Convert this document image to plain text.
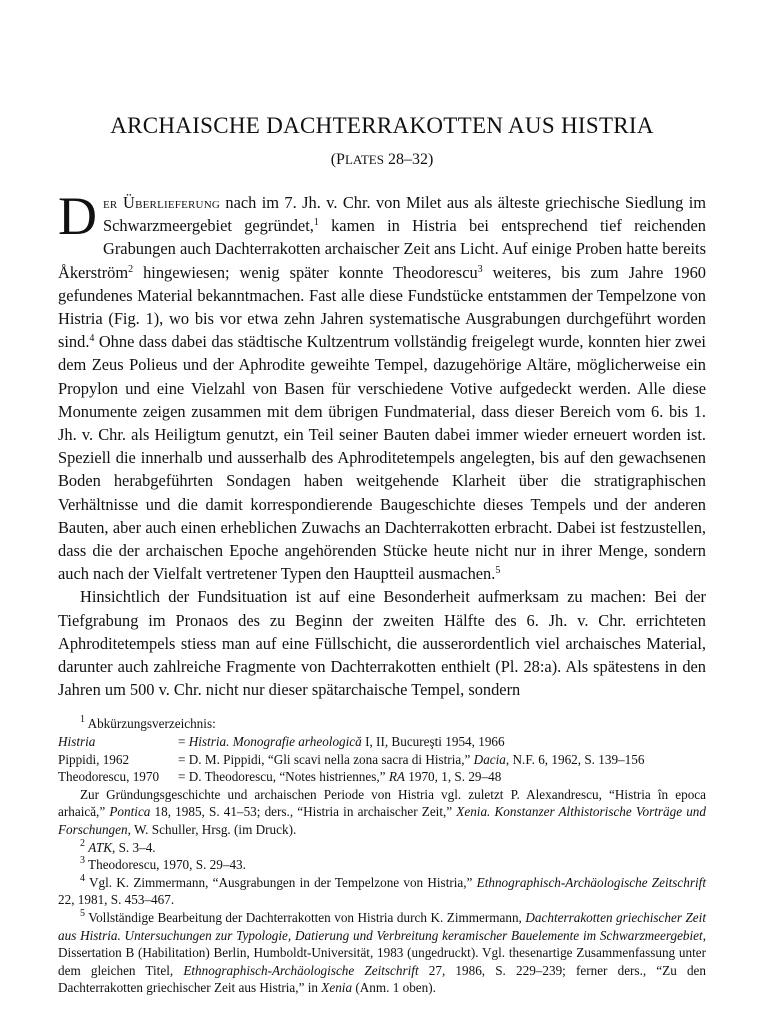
ARCHAISCHE DACHTERRAKOTTEN AUS HISTRIA
(PLATES 28–32)

Der Überlieferung nach im 7. Jh. v. Chr. von Milet aus als älteste griechische Siedlung im Schwarzmeergebiet gegründet,$^1$ kamen in Histria bei entsprechend tief reichenden Grabungen auch Dachterrakotten archaischer Zeit ans Licht. Auf einige Proben hatte bereits Åkerström$^2$ hingewiesen; wenig später konnte Theodorescu$^3$ weiteres, bis zum Jahre 1960 gefundenes Material bekanntmachen. Fast alle diese Fundstücke entstammen der Tempelzone von Histria (Fig. 1), wo bis vor etwa zehn Jahren systematische Ausgrabungen durchgeführt worden sind.$^4$ Ohne dass dabei das städtische Kultzentrum vollständig freigelegt wurde, konnten hier zwei dem Zeus Polieus und der Aphrodite geweihte Tempel, dazugehörige Altäre, möglicherweise ein Propylon und eine Vielzahl von Basen für verschiedene Votive aufgedeckt werden. Alle diese Monumente zeigen zusammen mit dem übrigen Fundmaterial, dass dieser Bereich vom 6. bis 1. Jh. v. Chr. als Heiligtum genutzt, ein Teil seiner Bauten dabei immer wieder erneuert worden ist. Speziell die innerhalb und ausserhalb des Aphroditetempels angelegten, bis auf den gewachsenen Boden herabgeführten Sondagen haben weitgehende Klarheit über die stratigraphischen Verhältnisse und die damit korrespondierende Baugeschichte dieses Tempels und der anderen Bauten, aber auch einen erheblichen Zuwachs an Dachterrakotten erbracht. Dabei ist festzustellen, dass die der archaischen Epoche angehörenden Stücke heute nicht nur in ihrer Menge, sondern auch nach der Vielfalt vertretener Typen den Hauptteil ausmachen.$^5$

Hinsichtlich der Fundsituation ist auf eine Besonderheit aufmerksam zu machen: Bei der Tiefgrabung im Pronaos des zu Beginn der zweiten Hälfte des 6. Jh. v. Chr. errichteten Aphroditetempels stiess man auf eine Füllschicht, die ausserordentlich viel archaisches Material, darunter auch zahlreiche Fragmente von Dachterrakotten enthielt (Pl. 28:a). Als spätestens in den Jahren um 500 v. Chr. nicht nur dieser spätarchaische Tempel, sondern

$^1$ Abkürzungsverzeichnis:

Histria	= Histria. Monografie arheologică I, II, Bucureşti 1954, 1966
Pippidi, 1962	= D. M. Pippidi, “Gli scavi nella zona sacra di Histria,” Dacia, N.F. 6, 1962, S. 139–156
Theodorescu, 1970	= D. Theodorescu, “Notes histriennes,” RA 1970, 1, S. 29–48

Zur Gründungsgeschichte und archaischen Periode von Histria vgl. zuletzt P. Alexandrescu, “Histria în epoca arhaică,” Pontica 18, 1985, S. 41–53; ders., “Histria in archaischer Zeit,” Xenia. Konstanzer Althistorische Vorträge und Forschungen, W. Schuller, Hrsg. (im Druck).

$^2$ ATK, S. 3–4.

$^3$ Theodorescu, 1970, S. 29–43.

$^4$ Vgl. K. Zimmermann, “Ausgrabungen in der Tempelzone von Histria,” Ethnographisch-Archäologische Zeitschrift 22, 1981, S. 453–467.

$^5$ Vollständige Bearbeitung der Dachterrakotten von Histria durch K. Zimmermann, Dachterrakotten griechischer Zeit aus Histria. Untersuchungen zur Typologie, Datierung und Verbreitung keramischer Bauelemente im Schwarzmeergebiet, Dissertation B (Habilitation) Berlin, Humboldt-Universität, 1983 (ungedruckt). Vgl. thesenartige Zusammenfassung unter dem gleichen Titel, Ethnographisch-Archäologische Zeitschrift 27, 1986, S. 229–239; ferner ders., “Zu den Dachterrakotten griechischer Zeit aus Histria,” in Xenia (Anm. 1 oben).
